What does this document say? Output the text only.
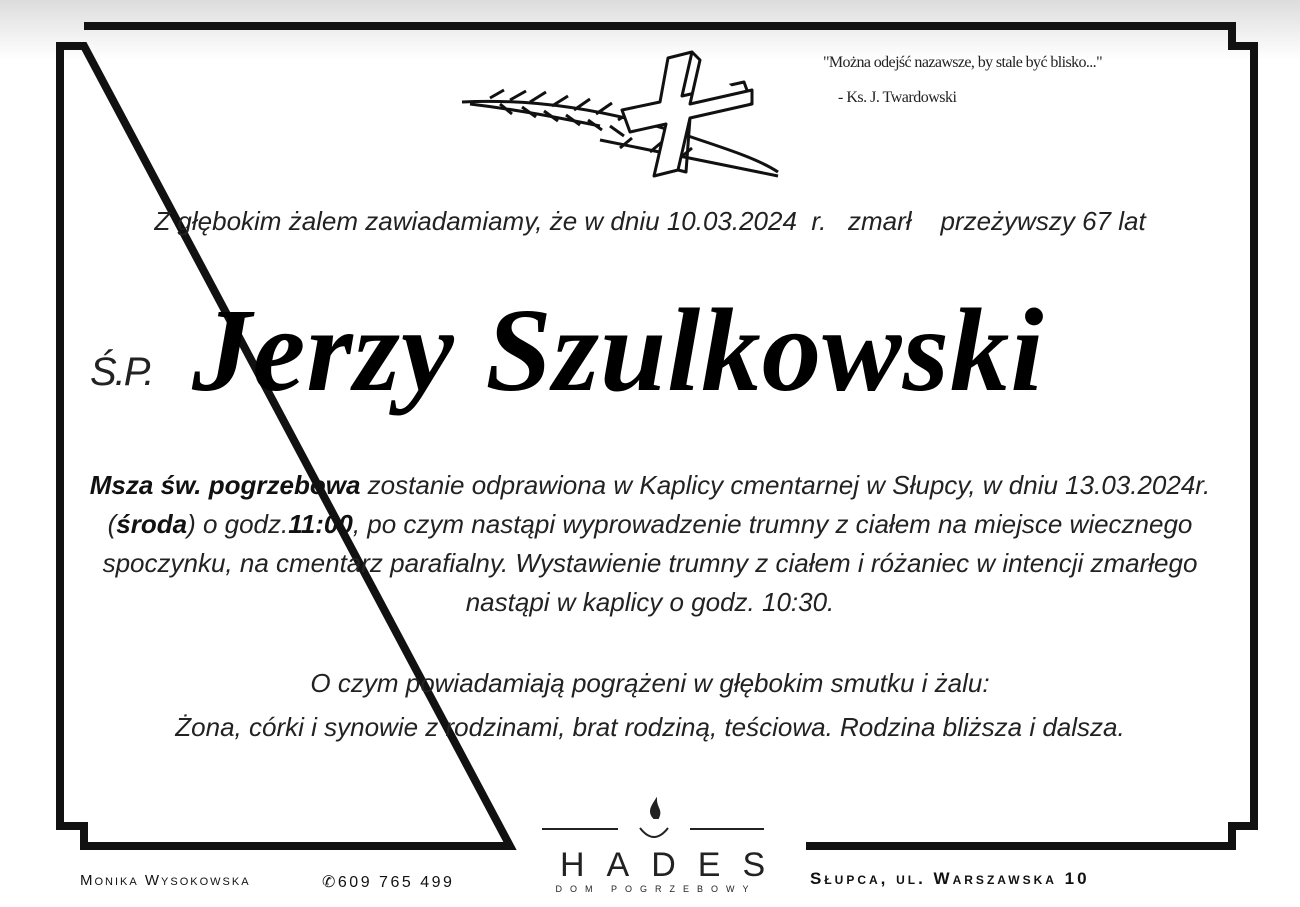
"Można odejść nazawsze, by stale być blisko..."
- Ks. J. Twardowski
Z głębokim żalem zawiadamiamy, że w dniu 10.03.2024 r. zmarł przeżywszy 67 lat
Ś.P. Jerzy Szulkowski
Msza św. pogrzebowa zostanie odprawiona w Kaplicy cmentarnej w Słupcy, w dniu 13.03.2024r. (środa) o godz.11:00, po czym nastąpi wyprowadzenie trumny z ciałem na miejsce wiecznego spoczynku, na cmentarz parafialny. Wystawienie trumny z ciałem i różaniec w intencji zmarłego nastąpi w kaplicy o godz. 10:30.
O czym powiadamiają pogrążeni w głębokim smutku i żalu:
Żona, córki i synowie z rodzinami, brat rodziną, teściowa. Rodzina bliższa i dalsza.
Monika Wysokowska	✆609 765 499	HADES
DOM POGRZEBOWY
Słupca, ul. Warszawska 10
